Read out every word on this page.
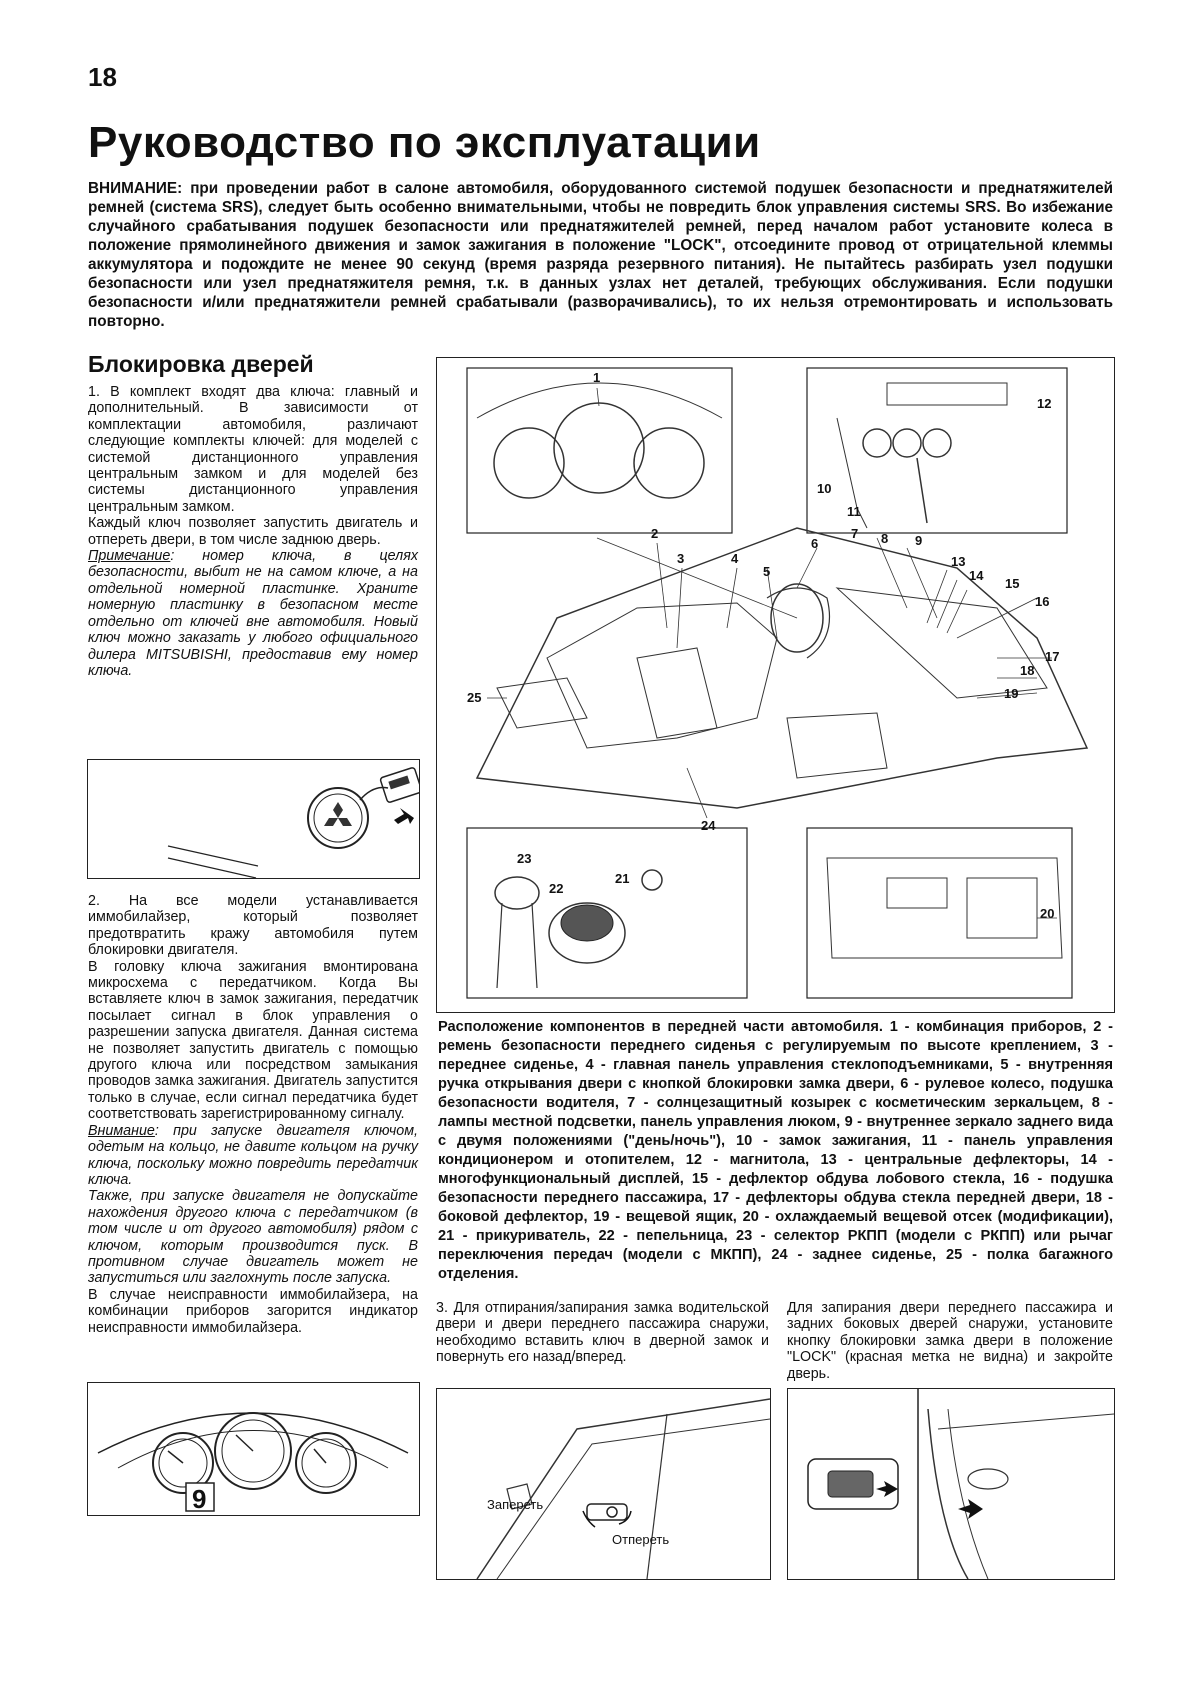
18
Руководство по эксплуатации

ВНИМАНИЕ: при проведении работ в салоне автомобиля, оборудованного системой подушек безопасности и преднатяжителей ремней (система SRS), следует быть особенно внимательными, чтобы не повредить блок управления системы SRS. Во избежание случайного срабатывания подушек безопасности или преднатяжителей ремней, перед началом работ установите колеса в положение прямолинейного движения и замок зажигания в положение "LOCK", отсоедините провод от отрицательной клеммы аккумулятора и подождите не менее 90 секунд (время разряда резервного питания). Не пытайтесь разбирать узел подушки безопасности или узел преднатяжителя ремня, т.к. в данных узлах нет деталей, требующих обслуживания. Если подушки безопасности и/или преднатяжители ремней срабатывали (разворачивались), то их нельзя отремонтировать и использовать повторно.

Блокировка дверей

1. В комплект входят два ключа: главный и дополнительный. В зависимости от комплектации автомобиля, различают следующие комплекты ключей: для моделей с системой дистанционного управления центральным замком и для моделей без системы дистанционного управления центральным замком.

Каждый ключ позволяет запустить двигатель и отпереть двери, в том числе заднюю дверь.

Примечание: номер ключа, в целях безопасности, выбит не на самом ключе, а на отдельной номерной пластинке. Храните номерную пластинку в безопасном месте отдельно от ключей вне автомобиля. Новый ключ можно заказать у любого официального дилера MITSUBISHI, предоставив ему номер ключа.

2. На все модели устанавливается иммобилайзер, который позволяет предотвратить кражу автомобиля путем блокировки двигателя.

В головку ключа зажигания вмонтирована микросхема с передатчиком. Когда Вы вставляете ключ в замок зажигания, передатчик посылает сигнал в блок управления о разрешении запуска двигателя. Данная система не позволяет запустить двигатель с помощью другого ключа или посредством замыкания проводов замка зажигания. Двигатель запустится только в случае, если сигнал передатчика будет соответствовать зарегистрированному сигналу.

Внимание: при запуске двигателя ключом, одетым на кольцо, не давите кольцом на ручку ключа, поскольку можно повредить передатчик ключа.

Также, при запуске двигателя не допускайте нахождения другого ключа с передатчиком (в том числе и от другого автомобиля) рядом с ключом, которым производится пуск. В противном случае двигатель может не запуститься или заглохнуть после запуска.

В случае неисправности иммобилайзера, на комбинации приборов загорится индикатор неисправности иммобилайзера.

9
1
2
3	4
5
6
7 8 9
10
11
12
13
14
15
16
17
18
19
20
21
22
23
24
25

Расположение компонентов в передней части автомобиля. 1 - комбинация приборов, 2 - ремень безопасности переднего сиденья с регулируемым по высоте креплением, 3 - переднее сиденье, 4 - главная панель управления стеклоподъемниками, 5 - внутренняя ручка открывания двери с кнопкой блокировки замка двери, 6 - рулевое колесо, подушка безопасности водителя, 7 - солнцезащитный козырек с косметическим зеркальцем, 8 - лампы местной подсветки, панель управления люком, 9 - внутреннее зеркало заднего вида с двумя положениями ("день/ночь"), 10 - замок зажигания, 11 - панель управления кондиционером и отопителем, 12 - магнитола, 13 - центральные дефлекторы, 14 - многофункциональный дисплей, 15 - дефлектор обдува лобового стекла, 16 - подушка безопасности переднего пассажира, 17 - дефлекторы обдува стекла передней двери, 18 - боковой дефлектор, 19 - вещевой ящик, 20 - охлаждаемый вещевой отсек (модификации), 21 - прикуриватель, 22 - пепельница, 23 - селектор РКПП (модели с РКПП) или рычаг переключения передач (модели с МКПП), 24 - заднее сиденье, 25 - полка багажного отделения.

3. Для отпирания/запирания замка водительской двери и двери переднего пассажира снаружи, необходимо вставить ключ в дверной замок и повернуть его назад/вперед.

Для запирания двери переднего пассажира и задних боковых дверей снаружи, установите кнопку блокировки замка двери в положение "LOCK" (красная метка не видна) и закройте дверь.

Запереть
Отпереть
